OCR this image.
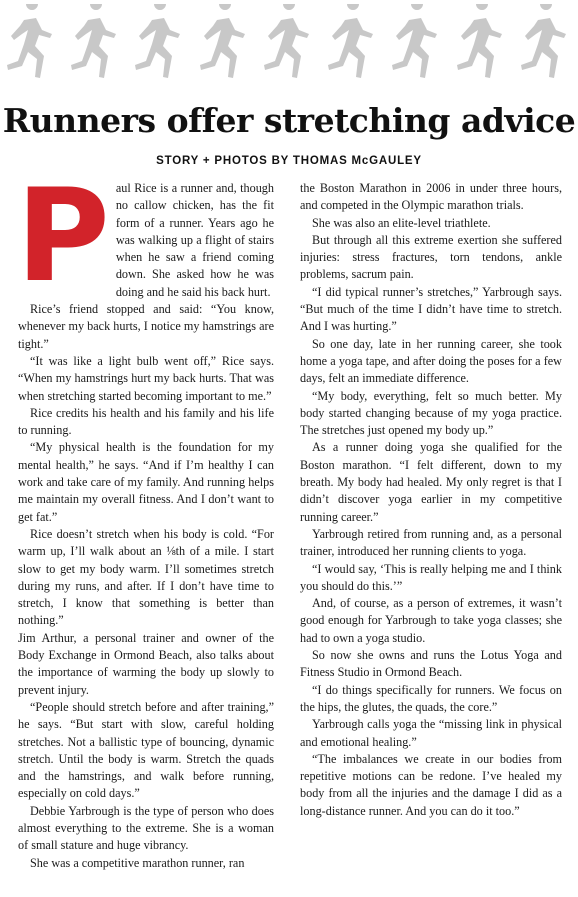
Runners offer stretching advice
STORY + PHOTOS BY THOMAS McGAULEY

Paul Rice is a runner and, though no callow chicken, has the fit form of a runner. Years ago he was walking up a flight of stairs when he saw a friend coming down. She asked how he was doing and he said his back hurt.

Rice’s friend stopped and said: “You know, whenever my back hurts, I notice my hamstrings are tight.”

“It was like a light bulb went off,” Rice says. “When my hamstrings hurt my back hurts. That was when stretching started becoming important to me.”

Rice credits his health and his family and his life to running.

“My physical health is the foundation for my mental health,” he says. “And if I’m healthy I can work and take care of my family. And running helps me maintain my overall fitness. And I don’t want to get fat.”

Rice doesn’t stretch when his body is cold. “For warm up, I’ll walk about an ⅛th of a mile. I start slow to get my body warm. I’ll sometimes stretch during my runs, and after. If I don’t have time to stretch, I know that something is better than nothing.”

Jim Arthur, a personal trainer and owner of the Body Exchange in Ormond Beach, also talks about the importance of warming the body up slowly to prevent injury.

“People should stretch before and after training,” he says. “But start with slow, careful holding stretches. Not a ballistic type of bouncing, dynamic stretch. Until the body is warm. Stretch the quads and the hamstrings, and walk before running, especially on cold days.”

Debbie Yarbrough is the type of person who does almost everything to the extreme. She is a woman of small stature and huge vibrancy.

She was a competitive marathon runner, ran

the Boston Marathon in 2006 in under three hours, and competed in the Olympic marathon trials.

She was also an elite-level triathlete.

But through all this extreme exertion she suffered injuries: stress fractures, torn tendons, ankle problems, sacrum pain.

“I did typical runner’s stretches,” Yarbrough says. “But much of the time I didn’t have time to stretch. And I was hurting.”

So one day, late in her running career, she took home a yoga tape, and after doing the poses for a few days, felt an immediate difference.

“My body, everything, felt so much better. My body started changing because of my yoga practice. The stretches just opened my body up.”

As a runner doing yoga she qualified for the Boston marathon. “I felt different, down to my breath. My body had healed. My only regret is that I didn’t discover yoga earlier in my competitive running career.”

Yarbrough retired from running and, as a personal trainer, introduced her running clients to yoga.

“I would say, ‘This is really helping me and I think you should do this.’”

And, of course, as a person of extremes, it wasn’t good enough for Yarbrough to take yoga classes; she had to own a yoga studio.

So now she owns and runs the Lotus Yoga and Fitness Studio in Ormond Beach.

“I do things specifically for runners. We focus on the hips, the glutes, the quads, the core.”

Yarbrough calls yoga the “missing link in physical and emotional healing.”

“The imbalances we create in our bodies from repetitive motions can be redone. I’ve healed my body from all the injuries and the damage I did as a long-distance runner. And you can do it too.”
